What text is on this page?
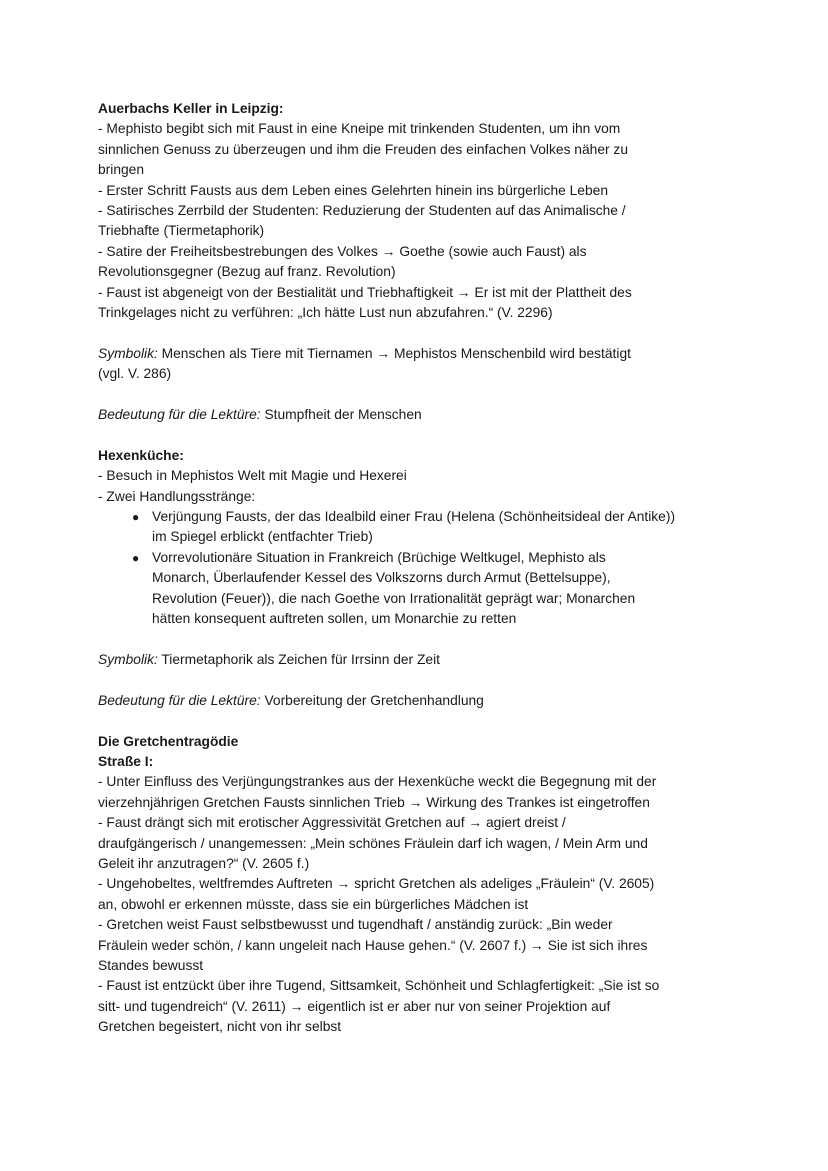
Auerbachs Keller in Leipzig:
- Mephisto begibt sich mit Faust in eine Kneipe mit trinkenden Studenten, um ihn vom
sinnlichen Genuss zu überzeugen und ihm die Freuden des einfachen Volkes näher zu
bringen
- Erster Schritt Fausts aus dem Leben eines Gelehrten hinein ins bürgerliche Leben
- Satirisches Zerrbild der Studenten: Reduzierung der Studenten auf das Animalische /
Triebhafte (Tiermetaphorik)
- Satire der Freiheitsbestrebungen des Volkes → Goethe (sowie auch Faust) als
Revolutionsgegner (Bezug auf franz. Revolution)
- Faust ist abgeneigt von der Bestialität und Triebhaftigkeit → Er ist mit der Plattheit des
Trinkgelages nicht zu verführen: „Ich hätte Lust nun abzufahren.“ (V. 2296)
Symbolik: Menschen als Tiere mit Tiernamen → Mephistos Menschenbild wird bestätigt
(vgl. V. 286)
Bedeutung für die Lektüre: Stumpfheit der Menschen
Hexenküche:
- Besuch in Mephistos Welt mit Magie und Hexerei
- Zwei Handlungsstränge:
● Verjüngung Fausts, der das Idealbild einer Frau (Helena (Schönheitsideal der Antike))
im Spiegel erblickt (entfachter Trieb)
● Vorrevolutionäre Situation in Frankreich (Brüchige Weltkugel, Mephisto als
Monarch, Überlaufender Kessel des Volkszorns durch Armut (Bettelsuppe),
Revolution (Feuer)), die nach Goethe von Irrationalität geprägt war; Monarchen
hätten konsequent auftreten sollen, um Monarchie zu retten
Symbolik: Tiermetaphorik als Zeichen für Irrsinn der Zeit
Bedeutung für die Lektüre: Vorbereitung der Gretchenhandlung
Die Gretchentragödie
Straße I:
- Unter Einfluss des Verjüngungstrankes aus der Hexenküche weckt die Begegnung mit der
vierzehnjährigen Gretchen Fausts sinnlichen Trieb → Wirkung des Trankes ist eingetroffen
- Faust drängt sich mit erotischer Aggressivität Gretchen auf → agiert dreist /
draufgängerisch / unangemessen: „Mein schönes Fräulein darf ich wagen, / Mein Arm und
Geleit ihr anzutragen?“ (V. 2605 f.)
- Ungehobeltes, weltfremdes Auftreten → spricht Gretchen als adeliges „Fräulein“ (V. 2605)
an, obwohl er erkennen müsste, dass sie ein bürgerliches Mädchen ist
- Gretchen weist Faust selbstbewusst und tugendhaft / anständig zurück: „Bin weder
Fräulein weder schön, / kann ungeleit nach Hause gehen.“ (V. 2607 f.) → Sie ist sich ihres
Standes bewusst
- Faust ist entzückt über ihre Tugend, Sittsamkeit, Schönheit und Schlagfertigkeit: „Sie ist so
sitt- und tugendreich“ (V. 2611) → eigentlich ist er aber nur von seiner Projektion auf
Gretchen begeistert, nicht von ihr selbst
